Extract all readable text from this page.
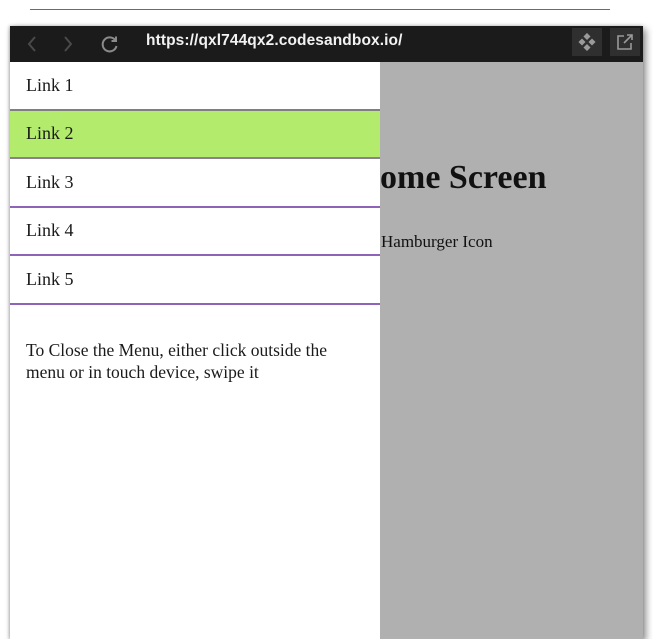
https://qxl744qx2.codesandbox.io/
ome Screen

Hamburger Icon

Link 1
Link 2
Link 3
Link 4
Link 5

To Close the Menu, either click outside the menu or in touch device, swipe it
